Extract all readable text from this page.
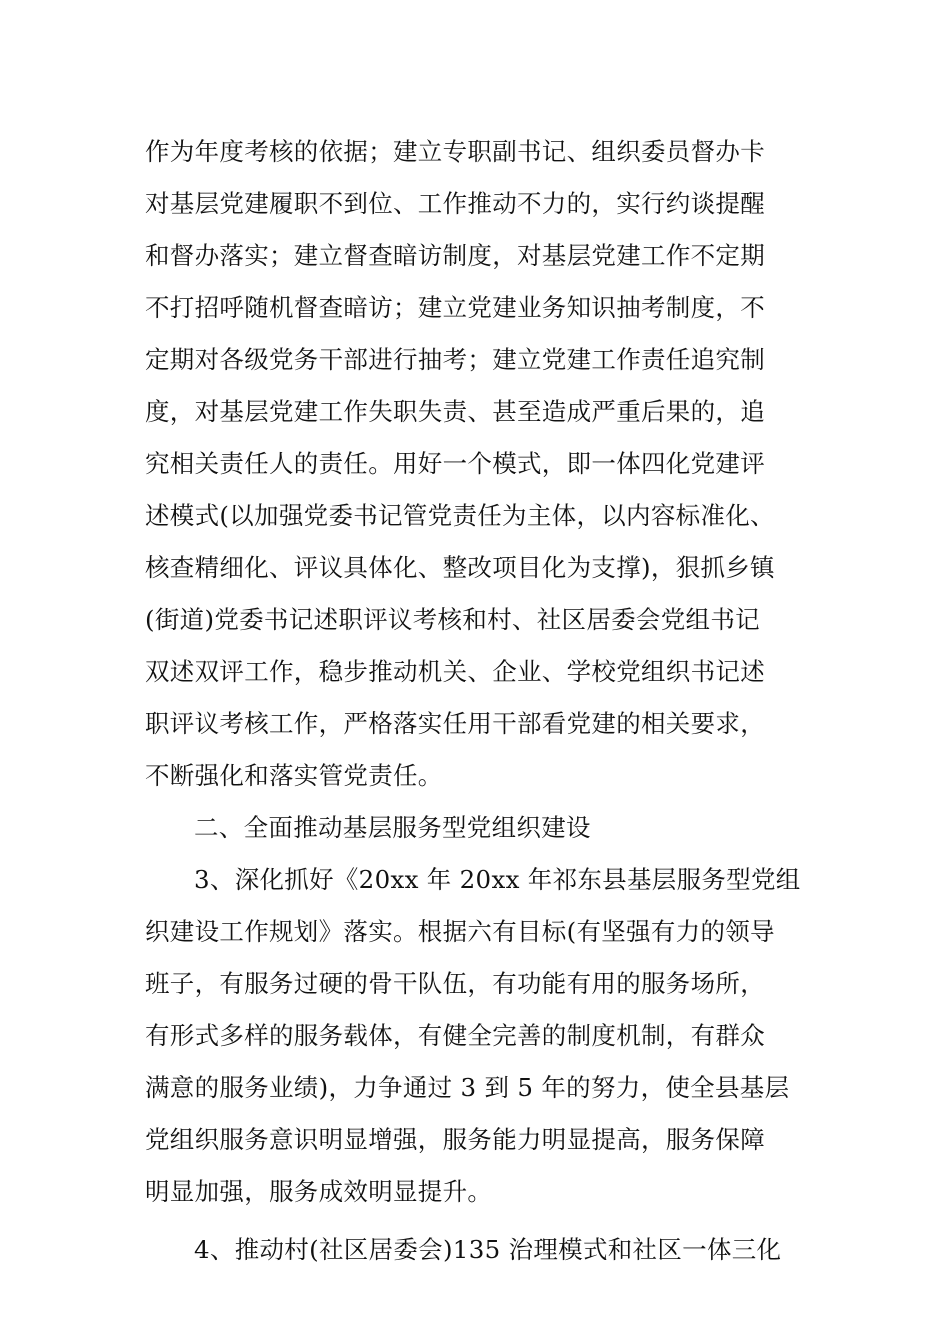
作为年度考核的依据；建立专职副书记、组织委员督办卡
对基层党建履职不到位、工作推动不力的，实行约谈提醒
和督办落实；建立督查暗访制度，对基层党建工作不定期
不打招呼随机督查暗访；建立党建业务知识抽考制度，不
定期对各级党务干部进行抽考；建立党建工作责任追究制
度，对基层党建工作失职失责、甚至造成严重后果的，追
究相关责任人的责任。用好一个模式，即一体四化党建评
述模式(以加强党委书记管党责任为主体，以内容标准化、
核查精细化、评议具体化、整改项目化为支撑)，狠抓乡镇
(街道)党委书记述职评议考核和村、社区居委会党组书记
双述双评工作，稳步推动机关、企业、学校党组织书记述
职评议考核工作，严格落实任用干部看党建的相关要求，
不断强化和落实管党责任。
二、全面推动基层服务型党组织建设
3、深化抓好《20xx 年 20xx 年祁东县基层服务型党组
织建设工作规划》落实。根据六有目标(有坚强有力的领导
班子，有服务过硬的骨干队伍，有功能有用的服务场所，
有形式多样的服务载体，有健全完善的制度机制，有群众
满意的服务业绩)，力争通过 3 到 5 年的努力，使全县基层
党组织服务意识明显增强，服务能力明显提高，服务保障
明显加强，服务成效明显提升。
4、推动村(社区居委会)135 治理模式和社区一体三化
